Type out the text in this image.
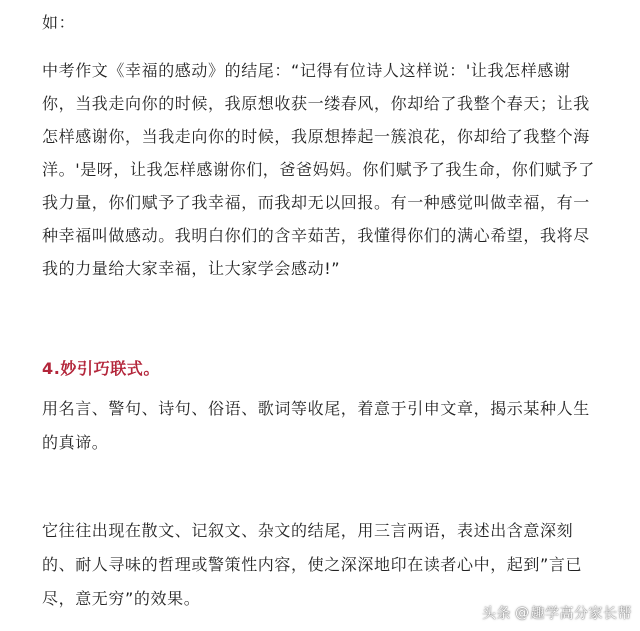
如：

中考作文《幸福的感动》的结尾：“记得有位诗人这样说：'让我怎样感谢你，当我走向你的时候，我原想收获一缕春风，你却给了我整个春天；让我怎样感谢你，当我走向你的时候，我原想捧起一簇浪花，你却给了我整个海洋。'是呀，让我怎样感谢你们，爸爸妈妈。你们赋予了我生命，你们赋予了我力量，你们赋予了我幸福，而我却无以回报。有一种感觉叫做幸福，有一种幸福叫做感动。我明白你们的含辛茹苦，我懂得你们的满心希望，我将尽我的力量给大家幸福，让大家学会感动!”

4.妙引巧联式。

用名言、警句、诗句、俗语、歌词等收尾，着意于引申文章，揭示某种人生的真谛。

它往往出现在散文、记叙文、杂文的结尾，用三言两语，表述出含意深刻的、耐人寻味的哲理或警策性内容，使之深深地印在读者心中，起到”言已尽，意无穷”的效果。

头条 @ 趣学高分家长帮
